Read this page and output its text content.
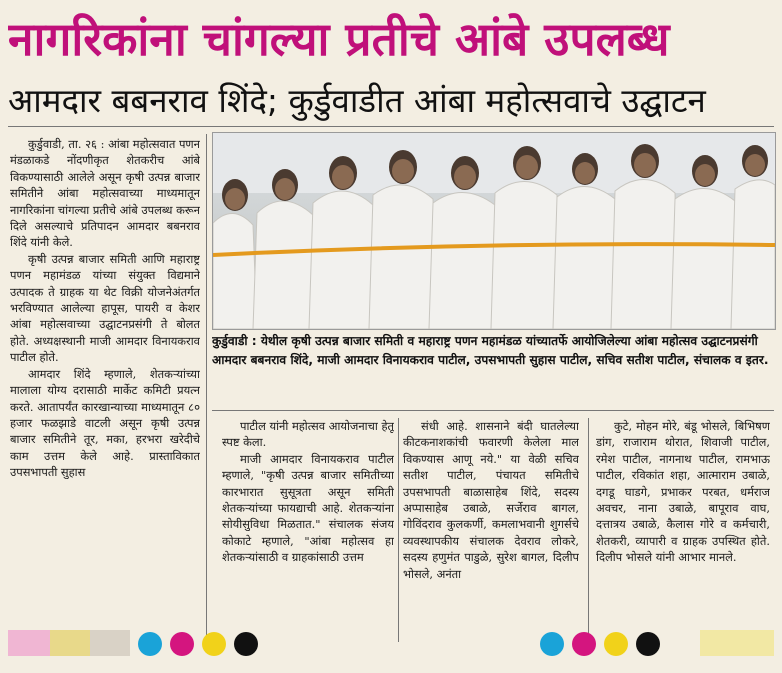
नागरिकांना चांगल्या प्रतीचे आंबे उपलब्ध
आमदार बबनराव शिंदे; कुर्डुवाडीत आंबा महोत्सवाचे उद्घाटन

कुर्डुवाडी, ता. २६ : आंबा महोत्सवात पणन मंडळाकडे नोंदणीकृत शेतकरीच आंबे विकण्यासाठी आलेले असून कृषी उत्पन्न बाजार समितीने आंबा महोत्सवाच्या माध्यमातून नागरिकांना चांगल्या प्रतीचे आंबे उपलब्ध करून दिले असल्याचे प्रतिपादन आमदार बबनराव शिंदे यांनी केले.

कृषी उत्पन्न बाजार समिती आणि महाराष्ट्र पणन महामंडळ यांच्या संयुक्त विद्यमाने उत्पादक ते ग्राहक या थेट विक्री योजनेअंतर्गत भरविण्यात आलेल्या हापूस, पायरी व केशर आंबा महोत्सवाच्या उद्घाटनप्रसंगी ते बोलत होते. अध्यक्षस्थानी माजी आमदार विनायकराव पाटील होते.

आमदार शिंदे म्हणाले, शेतकऱ्यांच्या मालाला योग्य दरासाठी मार्केट कमिटी प्रयत्न करते. आतापर्यंत कारखान्याच्या माध्यमातून ८० हजार फळझाडे वाटली असून कृषी उत्पन्न बाजार समितीने तूर, मका, हरभरा खरेदीचे काम उत्तम केले आहे. प्रास्ताविकात उपसभापती सुहास

कुर्डुवाडी : येथील कृषी उत्पन्न बाजार समिती व महाराष्ट्र पणन महामंडळ यांच्यातर्फे आयोजिलेल्या आंबा महोत्सव उद्घाटनप्रसंगी आमदार बबनराव शिंदे, माजी आमदार विनायकराव पाटील, उपसभापती सुहास पाटील, सचिव सतीश पाटील, संचालक व इतर.

पाटील यांनी महोत्सव आयोजनाचा हेतू स्पष्ट केला.

माजी आमदार विनायकराव पाटील म्हणाले, "कृषी उत्पन्न बाजार समितीच्या कारभारात सुसूत्रता असून समिती शेतकऱ्यांच्या फायद्याची आहे. शेतकऱ्यांना सोयीसुविधा मिळतात." संचालक संजय कोकाटे म्हणाले, "आंबा महोत्सव हा शेतकऱ्यांसाठी व ग्राहकांसाठी उत्तम

संधी आहे. शासनाने बंदी घातलेल्या कीटकनाशकांची फवारणी केलेला माल विकण्यास आणू नये." या वेळी सचिव सतीश पाटील, पंचायत समितीचे उपसभापती बाळासाहेब शिंदे, सदस्य अप्पासाहेब उबाळे, सर्जेराव बागल, गोविंदराव कुलकर्णी, कमलाभवानी शुगर्सचे व्यवस्थापकीय संचालक देवराव लोकरे, सदस्य हणुमंत पाडुळे, सुरेश बागल, दिलीप भोसले, अनंता

कुटे, मोहन मोरे, बंडू भोसले, बिभिषण डांग, राजाराम थोरात, शिवाजी पाटील, रमेश पाटील, नागनाथ पाटील, रामभाऊ पाटील, रविकांत शहा, आत्माराम उबाळे, दगडू घाडगे, प्रभाकर परबत, धर्मराज अवचर, नाना उबाळे, बापूराव वाघ, दत्तात्रय उबाळे, कैलास गोरे व कर्मचारी, शेतकरी, व्यापारी व ग्राहक उपस्थित होते. दिलीप भोसले यांनी आभार मानले.
